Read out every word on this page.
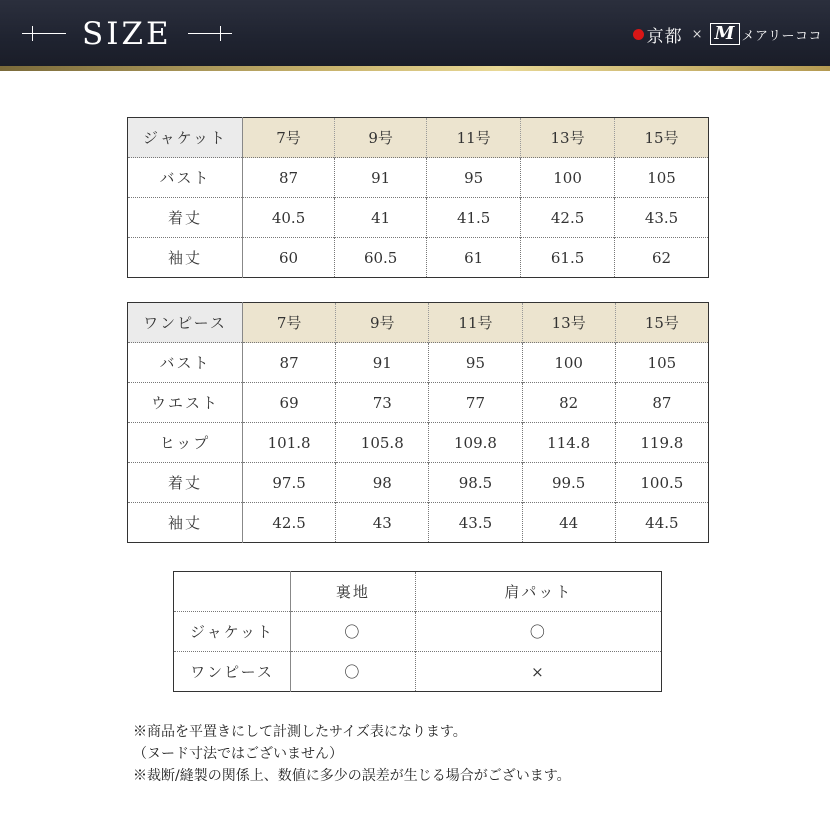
SIZE	京都 × M メアリーココ
ジャケット	7号	9号	11号	13号	15号
バスト	87	91	95	100	105
着丈	40.5	41	41.5	42.5	43.5
袖丈	60	60.5	61	61.5	62
ワンピース	7号	9号	11号	13号	15号
バスト	87	91	95	100	105
ウエスト	69	73	77	82	87
ヒップ	101.8	105.8	109.8	114.8	119.8
着丈	97.5	98	98.5	99.5	100.5
袖丈	42.5	43	43.5	44	44.5
	裏地	肩パット
ジャケット	〇	〇
ワンピース	〇	×
※商品を平置きにして計測したサイズ表になります。
（ヌード寸法ではございません）
※裁断/縫製の関係上、数値に多少の誤差が生じる場合がございます。
